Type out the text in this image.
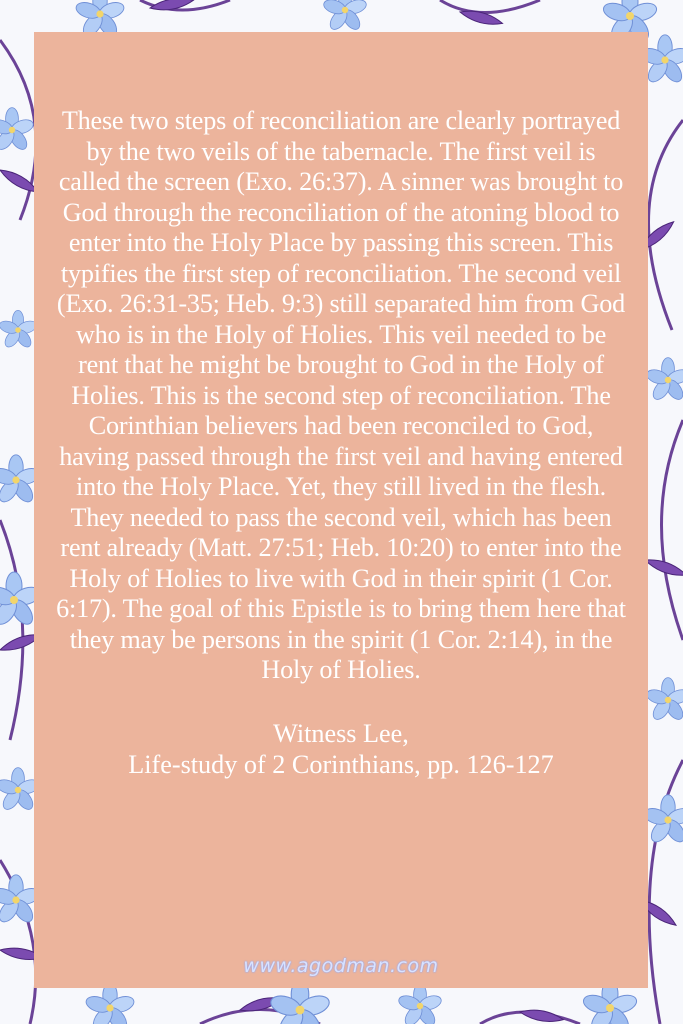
These two steps of reconciliation are clearly portrayed by the two veils of the tabernacle. The first veil is called the screen (Exo. 26:37). A sinner was brought to God through the reconciliation of the atoning blood to enter into the Holy Place by passing this screen. This typifies the first step of reconciliation. The second veil (Exo. 26:31-35; Heb. 9:3) still separated him from God who is in the Holy of Holies. This veil needed to be rent that he might be brought to God in the Holy of Holies. This is the second step of reconciliation. The Corinthian believers had been reconciled to God, having passed through the first veil and having entered into the Holy Place. Yet, they still lived in the flesh. They needed to pass the second veil, which has been rent already (Matt. 27:51; Heb. 10:20) to enter into the Holy of Holies to live with God in their spirit (1 Cor. 6:17). The goal of this Epistle is to bring them here that they may be persons in the spirit (1 Cor. 2:14), in the Holy of Holies.

Witness Lee,
Life-study of 2 Corinthians, pp. 126-127
www.agodman.com
